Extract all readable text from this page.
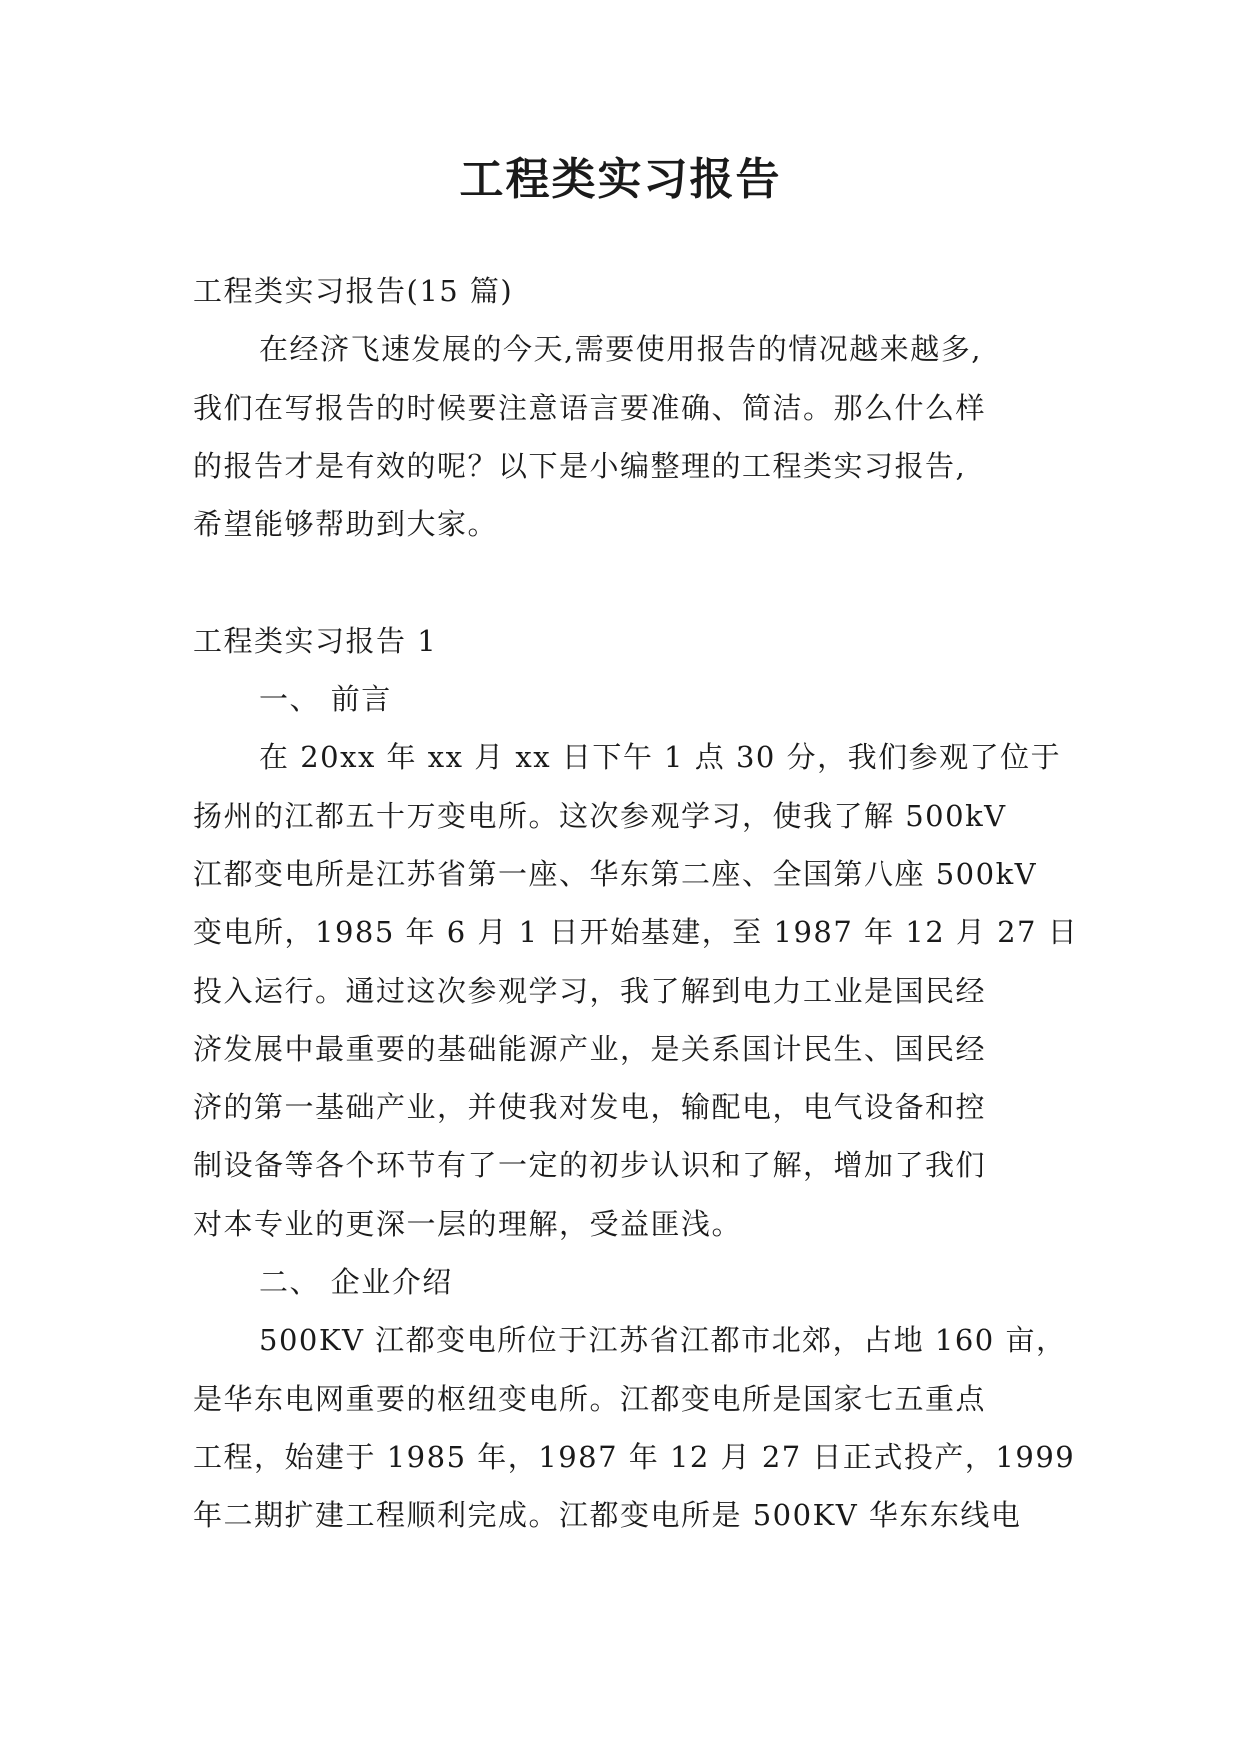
工程类实习报告

工程类实习报告(15 篇)

在经济飞速发展的今天,需要使用报告的情况越来越多,

我们在写报告的时候要注意语言要准确、简洁。那么什么样

的报告才是有效的呢？以下是小编整理的工程类实习报告,

希望能够帮助到大家。

工程类实习报告 1

一、 前言

在 20xx 年 xx 月 xx 日下午 1 点 30 分，我们参观了位于

扬州的江都五十万变电所。这次参观学习，使我了解 500kV

江都变电所是江苏省第一座、华东第二座、全国第八座 500kV

变电所，1985 年 6 月 1 日开始基建，至 1987 年 12 月 27 日

投入运行。通过这次参观学习，我了解到电力工业是国民经

济发展中最重要的基础能源产业，是关系国计民生、国民经

济的第一基础产业，并使我对发电，输配电，电气设备和控

制设备等各个环节有了一定的初步认识和了解，增加了我们

对本专业的更深一层的理解，受益匪浅。

二、 企业介绍

500KV 江都变电所位于江苏省江都市北郊，占地 160 亩，

是华东电网重要的枢纽变电所。江都变电所是国家七五重点

工程，始建于 1985 年，1987 年 12 月 27 日正式投产，1999

年二期扩建工程顺利完成。江都变电所是 500KV 华东东线电
